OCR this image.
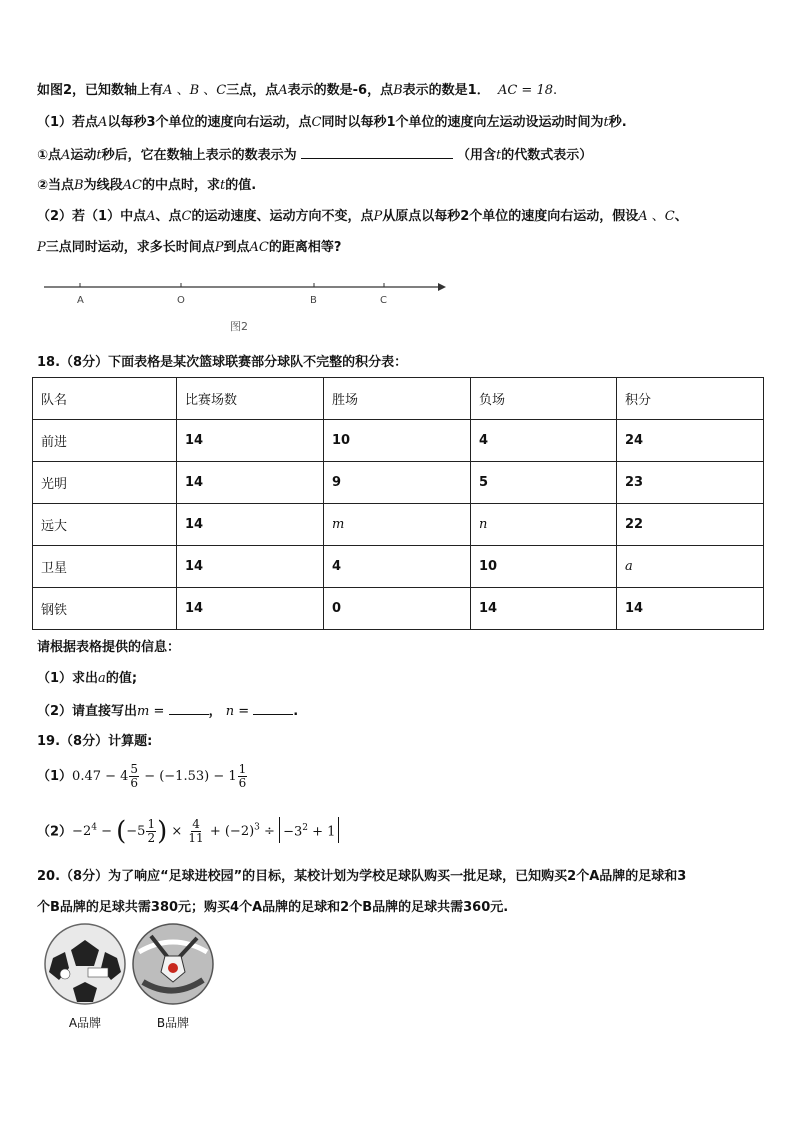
如图2，已知数轴上有A 、B 、C三点，点A表示的数是-6，点B表示的数是1． AC = 18.
（1）若点A以每秒3个单位的速度向右运动，点C同时以每秒1个单位的速度向左运动设运动时间为t秒.
①点A运动t秒后，它在数轴上表示的数表示为	（用含t的代数式表示）
②当点B为线段AC的中点时，求t的值.
（2）若（1）中点A、点C的运动速度、运动方向不变，点P从原点以每秒2个单位的速度向右运动，假设A 、C、
P三点同时运动，求多长时间点P到点AC的距离相等?
A	O	B	C
图2
18.（8分）下面表格是某次篮球联赛部分球队不完整的积分表：
队名	比赛场数	胜场	负场	积分
前进	14	10	4	24
光明	14	9	5	23
远大	14	m	n	22
卫星	14	4	10	a
钢铁	14	0	14	14
请根据表格提供的信息：
（1）求出a的值;
（2）请直接写出m =	， n =	.
19.（8分）计算题:
$(1)0.47 - 4 \frac{5}{6} - (-1.53) - 1 \frac{1}{6}$
$(2)-2^4 - (-5 \frac{1}{2}$ ) × $\frac{4}{11} + (-2)^3 \div -3^2 + 1$
20.（8分）为了响应“足球进校园”的目标，某校计划为学校足球队购买一批足球，已知购买2个A品牌的足球和3
个B品牌的足球共需380元；购买4个A品牌的足球和2个B品牌的足球共需360元.
A品牌	B品牌
